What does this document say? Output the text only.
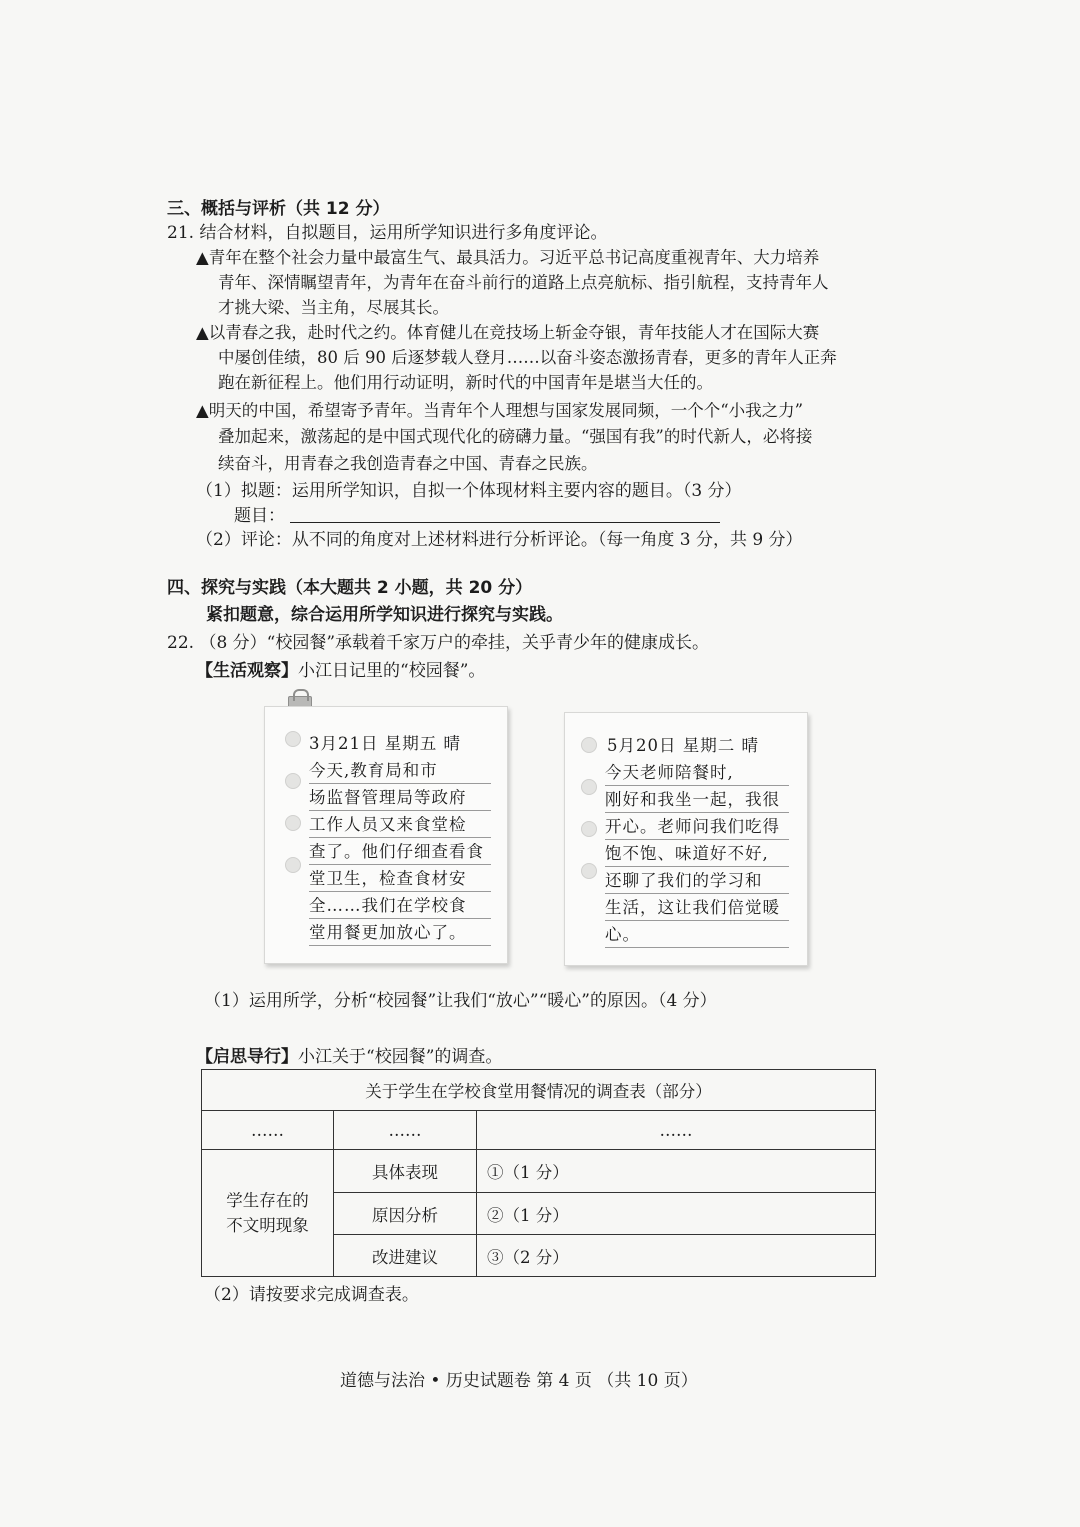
三、概括与评析（共 12 分）
21. 结合材料，自拟题目，运用所学知识进行多角度评论。
▲青年在整个社会力量中最富生气、最具活力。习近平总书记高度重视青年、大力培养
青年、深情瞩望青年，为青年在奋斗前行的道路上点亮航标、指引航程，支持青年人
才挑大梁、当主角，尽展其长。
▲以青春之我，赴时代之约。体育健儿在竞技场上斩金夺银，青年技能人才在国际大赛
中屡创佳绩，80 后 90 后逐梦载人登月……以奋斗姿态激扬青春，更多的青年人正奔
跑在新征程上。他们用行动证明，新时代的中国青年是堪当大任的。
▲明天的中国，希望寄予青年。当青年个人理想与国家发展同频，一个个“小我之力”
叠加起来，激荡起的是中国式现代化的磅礴力量。“强国有我”的时代新人，必将接
续奋斗，用青春之我创造青春之中国、青春之民族。
（1）拟题：运用所学知识，自拟一个体现材料主要内容的题目。（3 分）
题目：
（2）评论：从不同的角度对上述材料进行分析评论。（每一角度 3 分，共 9 分）
四、探究与实践（本大题共 2 小题，共 20 分）
紧扣题意，综合运用所学知识进行探究与实践。
22. （8 分）“校园餐”承载着千家万户的牵挂，关乎青少年的健康成长。
【生活观察】小江日记里的“校园餐”。
3月21日 星期五 晴
今天,教育局和市
场监督管理局等政府
工作人员又来食堂检
查了。他们仔细查看食
堂卫生，检查食材安
全……我们在学校食
堂用餐更加放心了。
5月20日 星期二 晴
今天老师陪餐时,
刚好和我坐一起，我很
开心。老师问我们吃得
饱不饱、味道好不好,
还聊了我们的学习和
生活，这让我们倍觉暖
心。
（1）运用所学，分析“校园餐”让我们“放心”“暖心”的原因。（4 分）
【启思导行】小江关于“校园餐”的调查。
关于学生在学校食堂用餐情况的调查表（部分）		
……	……	……

学生存在的
不文明现象	具体表现	①（1 分）
	原因分析	②（1 分）
	改进建议	③（2 分）
（2）请按要求完成调查表。
道德与法治 • 历史试题卷 第 4 页 （共 10 页）
